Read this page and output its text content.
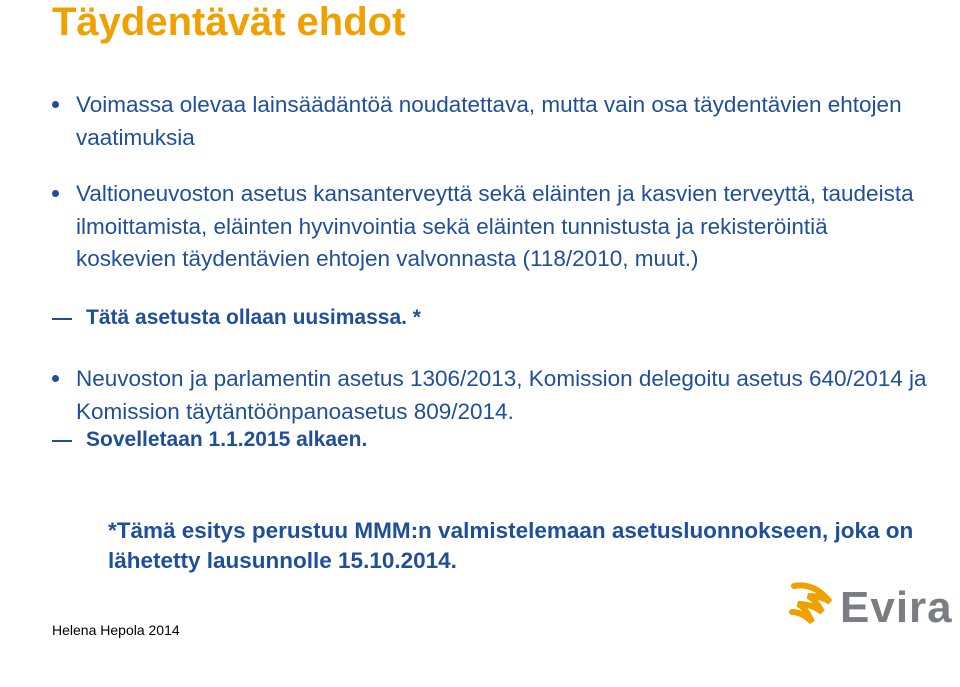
Täydentävät ehdot
Voimassa olevaa lainsäädäntöä noudatettava, mutta vain osa täydentävien ehtojen vaatimuksia
Valtioneuvoston asetus kansanterveyttä sekä eläinten ja kasvien terveyttä, taudeista ilmoittamista, eläinten hyvinvointia sekä eläinten tunnistusta ja rekisteröintiä koskevien täydentävien ehtojen valvonnasta (118/2010, muut.)
Tätä asetusta ollaan uusimassa. *
Neuvoston ja parlamentin asetus 1306/2013, Komission delegoitu asetus 640/2014 ja Komission täytäntöönpanoasetus 809/2014.
Sovelletaan 1.1.2015 alkaen.
*Tämä esitys perustuu MMM:n valmistelemaan asetusluonnokseen, joka on lähetetty lausunnolle 15.10.2014.
Helena Hepola 2014	Evira
